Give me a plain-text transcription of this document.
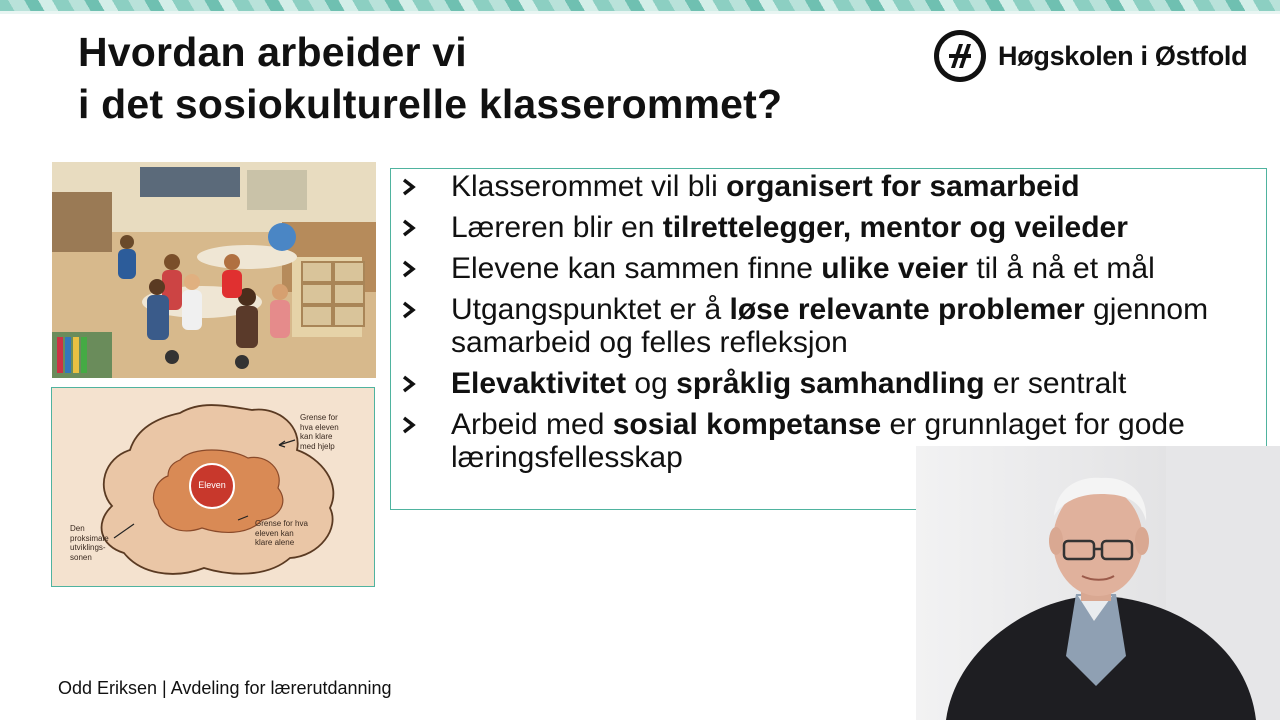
Hvordan arbeider vi
i det sosiokulturelle klasserommet?
Høgskolen i Østfold
Eleven
Grense for hva eleven kan klare med hjelp
Grense for hva eleven kan klare alene
Den proksimale utviklings-sonen
Klasserommet vil bli organisert for samarbeid
Læreren blir en tilrettelegger, mentor og veileder
Elevene kan sammen finne ulike veier til å nå et mål
Utgangspunktet er å løse relevante problemer gjennom samarbeid og felles refleksjon
Elevaktivitet og språklig samhandling er sentralt
Arbeid med sosial kompetanse er grunnlaget for gode læringsfellesskap
Odd Eriksen | Avdeling for lærerutdanning
